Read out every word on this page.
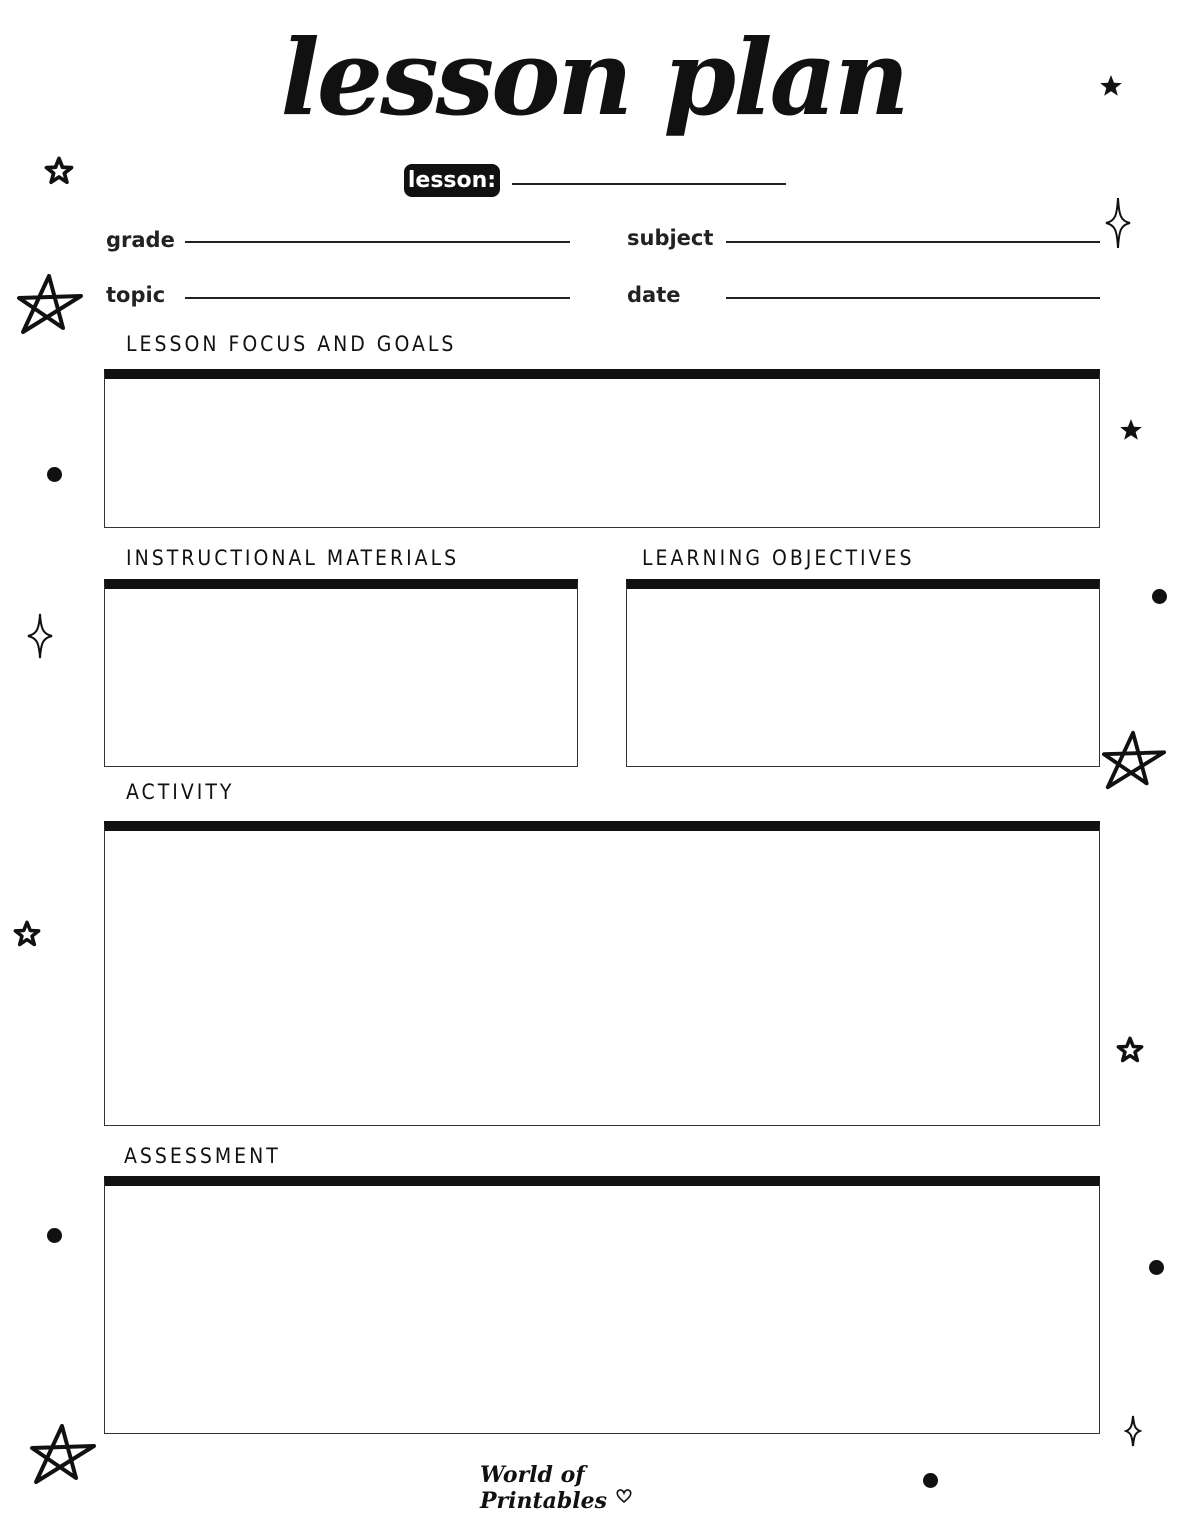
lesson plan
lesson:
grade	subject
topic	date
LESSON FOCUS AND GOALS
INSTRUCTIONAL MATERIALS	LEARNING OBJECTIVES
ACTIVITY
ASSESSMENT
World of Printables
